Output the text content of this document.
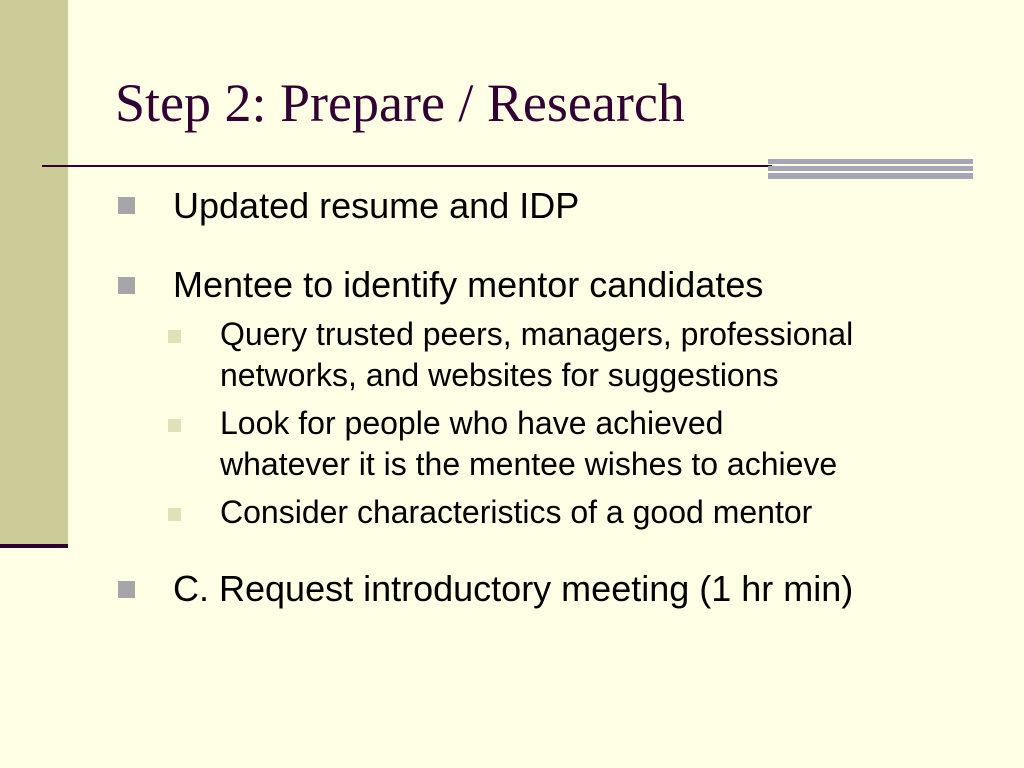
Step 2: Prepare / Research
Updated resume and IDP
Mentee to identify mentor candidates
Query trusted peers, managers, professional
networks, and websites for suggestions
Look for people who have achieved
whatever it is the mentee wishes to achieve
Consider characteristics of a good mentor
C. Request introductory meeting (1 hr min)
